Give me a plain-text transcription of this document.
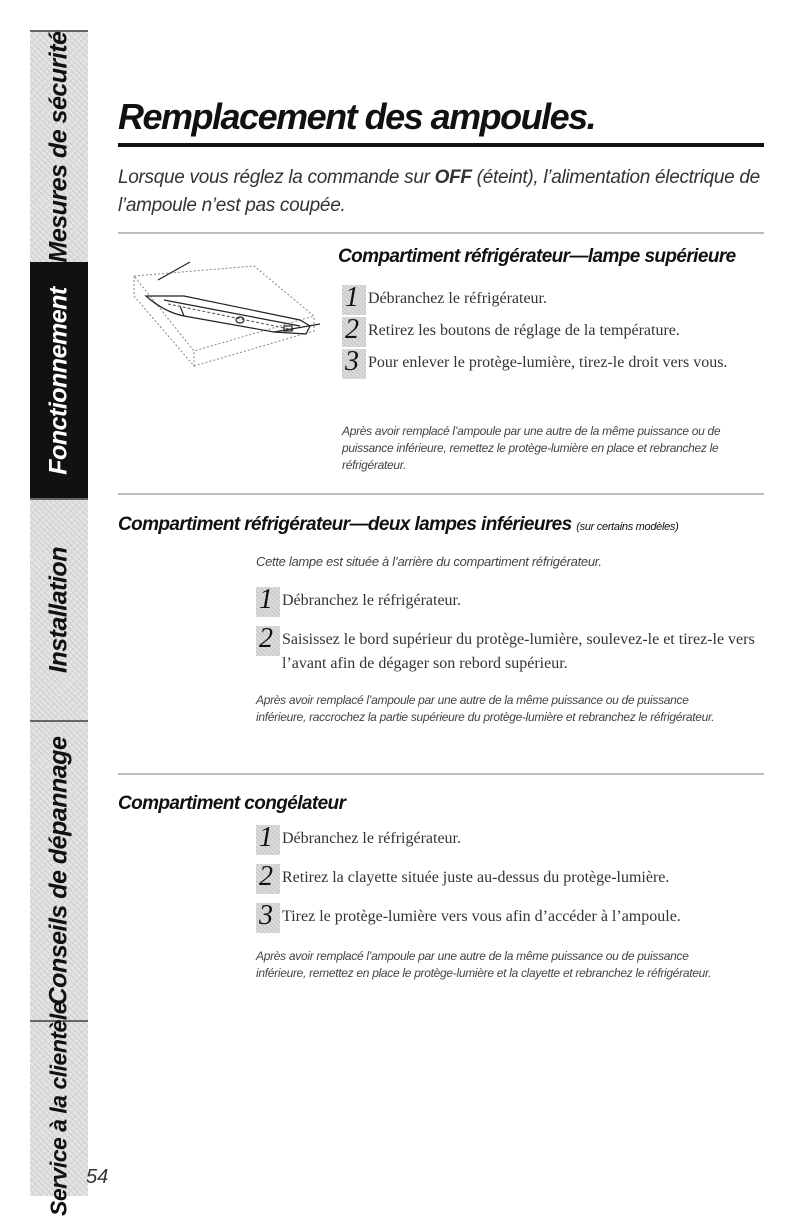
Mesures de sécurité
Fonctionnement
Installation
Conseils de dépannage
Service à la clientèle 54
Remplacement des ampoules.

Lorsque vous réglez la commande sur OFF (éteint), l’alimentation électrique de l’ampoule n’est pas coupée.

Compartiment réfrigérateur—lampe supérieure
1 Débranchez le réfrigérateur.
2 Retirez les boutons de réglage de la température.
3 Pour enlever le protège-lumière, tirez-le droit vers vous.

Après avoir remplacé l’ampoule par une autre de la même puissance ou de puissance inférieure, remettez le protège-lumière en place et rebranchez le réfrigérateur.

Compartiment réfrigérateur—deux lampes inférieures (sur certains modèles)

Cette lampe est située à l’arrière du compartiment réfrigérateur.

1 Débranchez le réfrigérateur.
2 Saisissez le bord supérieur du protège-lumière, soulevez-le et tirez-le vers l’avant afin de dégager son rebord supérieur.

Après avoir remplacé l’ampoule par une autre de la même puissance ou de puissance inférieure, raccrochez la partie supérieure du protège-lumière et rebranchez le réfrigérateur.

Compartiment congélateur
1 Débranchez le réfrigérateur.
2 Retirez la clayette située juste au-dessus du protège-lumière.
3 Tirez le protège-lumière vers vous afin d’accéder à l’ampoule.

Après avoir remplacé l’ampoule par une autre de la même puissance ou de puissance inférieure, remettez en place le protège-lumière et la clayette et rebranchez le réfrigérateur.
